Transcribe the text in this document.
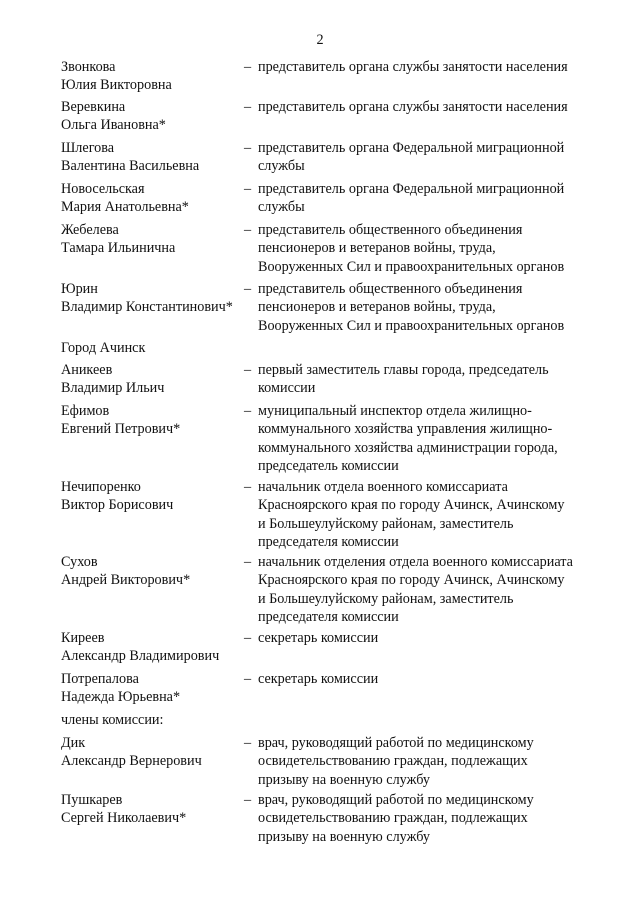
2
Звонкова
Юлия Викторовна
– представитель органа службы занятости населения
Веревкина
Ольга Ивановна*
– представитель органа службы занятости населения
Шлегова
Валентина Васильевна
– представитель органа Федеральной миграционной
службы
Новосельская
Мария Анатольевна*
– представитель органа Федеральной миграционной
службы
Жебелева
Тамара Ильинична
– представитель общественного объединения
пенсионеров и ветеранов войны, труда,
Вооруженных Сил и правоохранительных органов
Юрин
Владимир Константинович*
– представитель общественного объединения
пенсионеров и ветеранов войны, труда,
Вооруженных Сил и правоохранительных органов
Город Ачинск
Аникеев
Владимир Ильич
– первый заместитель главы города, председатель
комиссии
Ефимов
Евгений Петрович*
– муниципальный инспектор отдела жилищно-
коммунального хозяйства управления жилищно-
коммунального хозяйства администрации города,
председатель комиссии
Нечипоренко
Виктор Борисович
– начальник отдела военного комиссариата
Красноярского края по городу Ачинск, Ачинскому
и Большеулуйскому районам, заместитель
председателя комиссии
Сухов
Андрей Викторович*
– начальник отделения отдела военного комиссариата
Красноярского края по городу Ачинск, Ачинскому
и Большеулуйскому районам, заместитель
председателя комиссии
Киреев
Александр Владимирович
– секретарь комиссии
Потрепалова
Надежда Юрьевна*
– секретарь комиссии
члены комиссии:
Дик
Александр Вернерович
– врач, руководящий работой по медицинскому
освидетельствованию граждан, подлежащих
призыву на военную службу
Пушкарев
Сергей Николаевич*
– врач, руководящий работой по медицинскому
освидетельствованию граждан, подлежащих
призыву на военную службу
